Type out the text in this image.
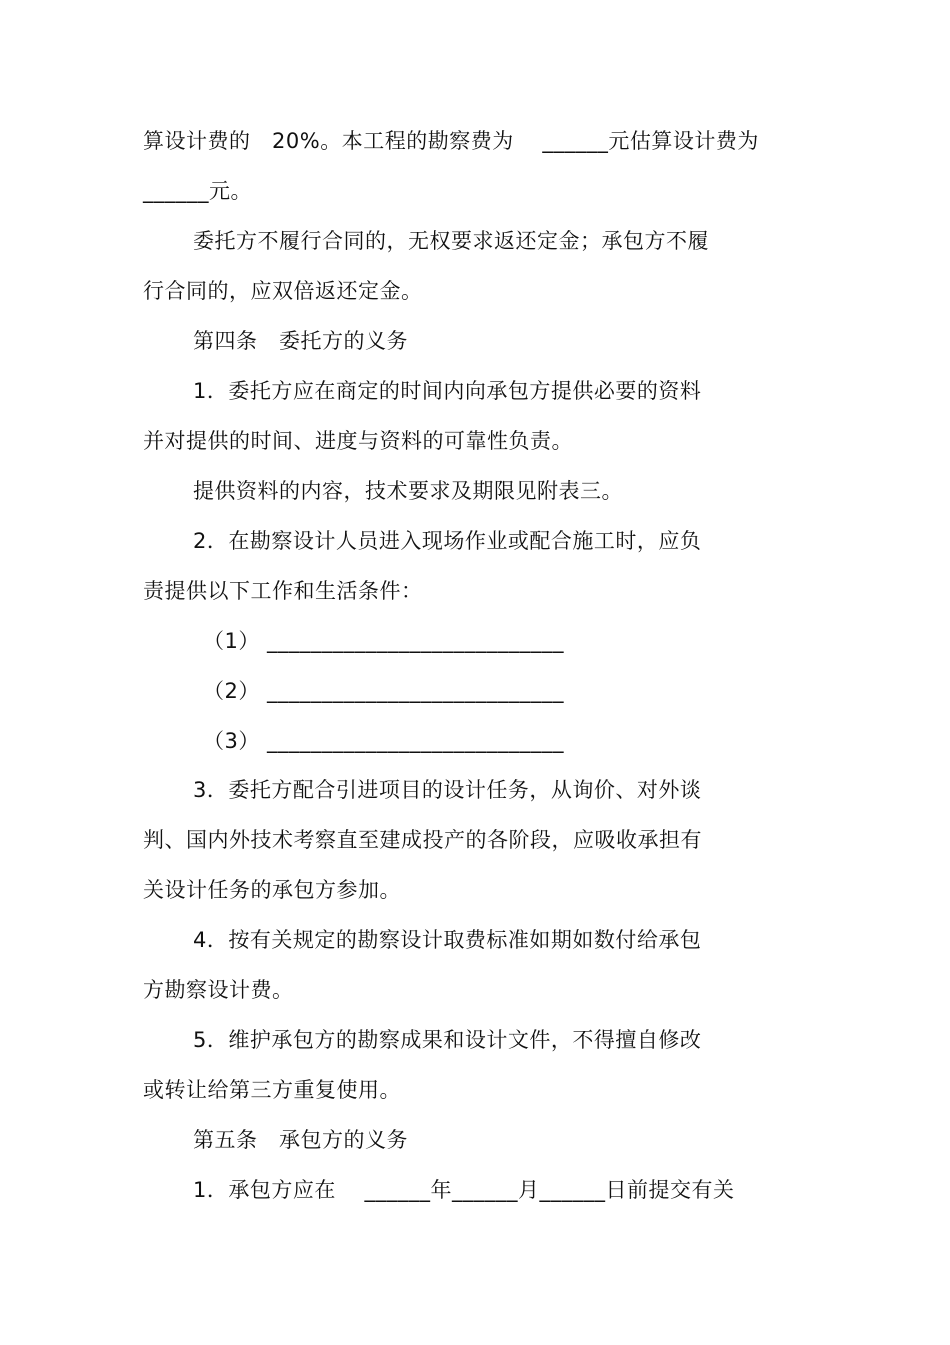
算设计费的   20%。本工程的勘察费为    ______元估算设计费为
______元。
委托方不履行合同的，无权要求返还定金；承包方不履
行合同的，应双倍返还定金。
第四条   委托方的义务
1．委托方应在商定的时间内向承包方提供必要的资料
并对提供的时间、进度与资料的可靠性负责。
提供资料的内容，技术要求及期限见附表三。
2．在勘察设计人员进入现场作业或配合施工时，应负
责提供以下工作和生活条件：
（1） ___________________________
（2） ___________________________
（3） ___________________________
3．委托方配合引进项目的设计任务，从询价、对外谈
判、国内外技术考察直至建成投产的各阶段，应吸收承担有
关设计任务的承包方参加。
4．按有关规定的勘察设计取费标准如期如数付给承包
方勘察设计费。
5．维护承包方的勘察成果和设计文件，不得擅自修改
或转让给第三方重复使用。
第五条   承包方的义务
1．承包方应在    ______年______月______日前提交有关
